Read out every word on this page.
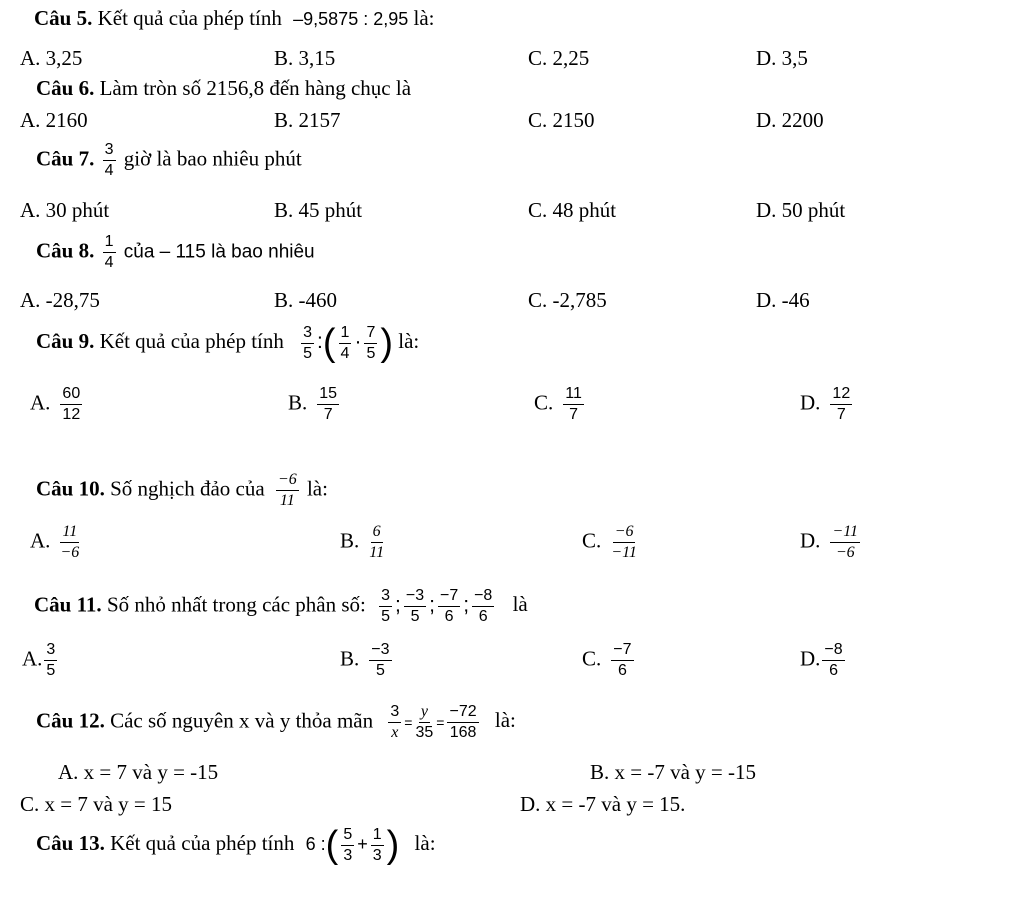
Câu 5. Kết quả của phép tính –9,5875 : 2,95 là:
A. 3,25	B. 3,15	C. 2,25	D. 3,5
Câu 6. Làm tròn số 2156,8 đến hàng chục là
A. 2160	B. 2157	C. 2150	D. 2200
Câu 7. $\frac{3}{4}$ giờ là bao nhiêu phút
A. 30 phút	B. 45 phút	C. 48 phút	D. 50 phút
Câu 8. $\frac{1}{4}$ của – 115 là bao nhiêu
A. -28,75	B. -460	C. -2,785	D. -46
Câu 9. Kết quả của phép tính $\frac{3}{5}$ :( $\frac{1}{4} \cdot \frac{7}{5}$ ) là:
A. $\frac{60}{12}$	B. $\frac{15}{7}$	C. $\frac{11}{7}$	D. $\frac{12}{7}$
Câu 10. Số nghịch đảo của $\frac{-6}{11}$ là:
A. $\frac{11}{-6}$	B. $\frac{6}{11}$	C. $\frac{-6}{-11}$	D. $\frac{-11}{-6}$
Câu 11. Số nhỏ nhất trong các phân số: $\frac{3}{5}$ ; $\frac{-3}{5}$ ; $\frac{-7}{6}$ ; $\frac{-8}{6}$ là
A. $\frac{3}{5}$	B. $\frac{-3}{5}$	C. $\frac{-7}{6}$	D. $\frac{-8}{6}$
Câu 12. Các số nguyên x và y thỏa mãn $\frac{3}{x} = \frac{y}{35} = \frac{-72}{168}$ là:
A. x = 7 và y = -15	B. x = -7 và y = -15
C. x = 7 và y = 15	D. x = -7 và y = 15.
Câu 13. Kết quả của phép tính 6 :( $\frac{5}{3} + \frac{1}{3}$ ) là:
